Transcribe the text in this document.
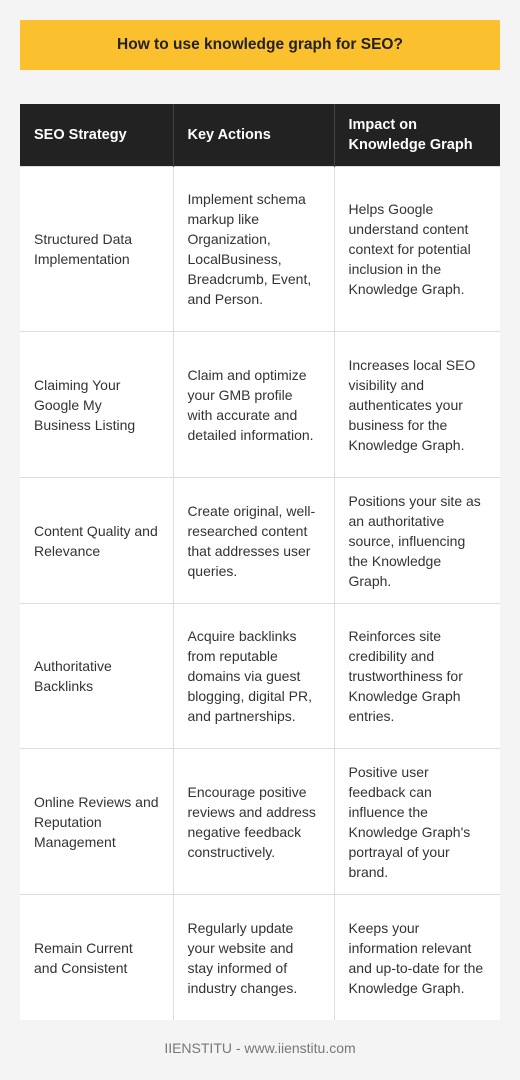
How to use knowledge graph for SEO?
SEO Strategy	Key Actions	Impact on Knowledge Graph
Structured Data Implementation	Implement schema markup like Organization, LocalBusiness, Breadcrumb, Event, and Person.	Helps Google understand content context for potential inclusion in the Knowledge Graph.
Claiming Your Google My Business Listing	Claim and optimize your GMB profile with accurate and detailed information.	Increases local SEO visibility and authenticates your business for the Knowledge Graph.
Content Quality and Relevance	Create original, well-researched content that addresses user queries.	Positions your site as an authoritative source, influencing the Knowledge Graph.
Authoritative Backlinks	Acquire backlinks from reputable domains via guest blogging, digital PR, and partnerships.	Reinforces site credibility and trustworthiness for Knowledge Graph entries.
Online Reviews and Reputation Management	Encourage positive reviews and address negative feedback constructively.	Positive user feedback can influence the Knowledge Graph's portrayal of your brand.
Remain Current and Consistent	Regularly update your website and stay informed of industry changes.	Keeps your information relevant and up-to-date for the Knowledge Graph.
IIENSTITU - www.iienstitu.com
